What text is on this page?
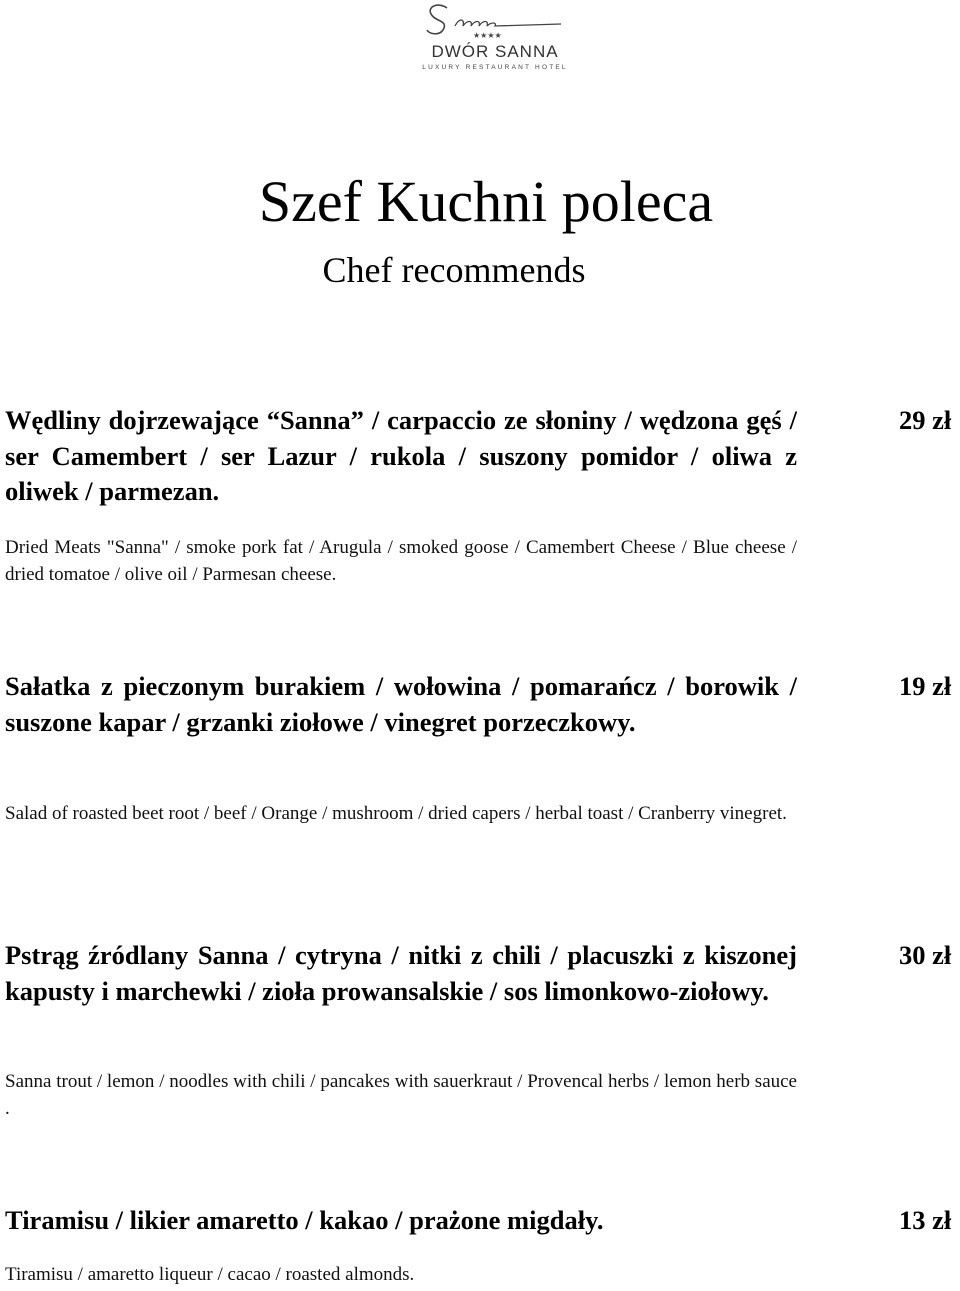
★★★★
DWÓR SANNA
LUXURY RESTAURANT HOTEL
Szef Kuchni poleca
Chef recommends

Wędliny dojrzewające “Sanna” / carpaccio ze słoniny / wędzona gęś / ser Camembert / ser Lazur / rukola / suszony pomidor / oliwa z oliwek / parmezan.

29 zł

Dried Meats "Sanna" / smoke pork fat / Arugula / smoked goose / Camembert Cheese / Blue cheese / dried tomatoe / olive oil / Parmesan cheese.

Sałatka z pieczonym burakiem / wołowina / pomarańcz / borowik / suszone kapar / grzanki ziołowe / vinegret porzeczkowy.

19 zł

Salad of roasted beet root / beef / Orange / mushroom / dried capers / herbal toast / Cranberry vinegret.

Pstrąg źródlany Sanna / cytryna / nitki z chili / placuszki z kiszonej kapusty i marchewki / zioła prowansalskie / sos limonkowo-ziołowy.

30 zł

Sanna trout / lemon / noodles with chili / pancakes with sauerkraut / Provencal herbs / lemon herb sauce .

Tiramisu / likier amaretto / kakao / prażone migdały.	13 zł

Tiramisu / amaretto liqueur / cacao / roasted almonds.
